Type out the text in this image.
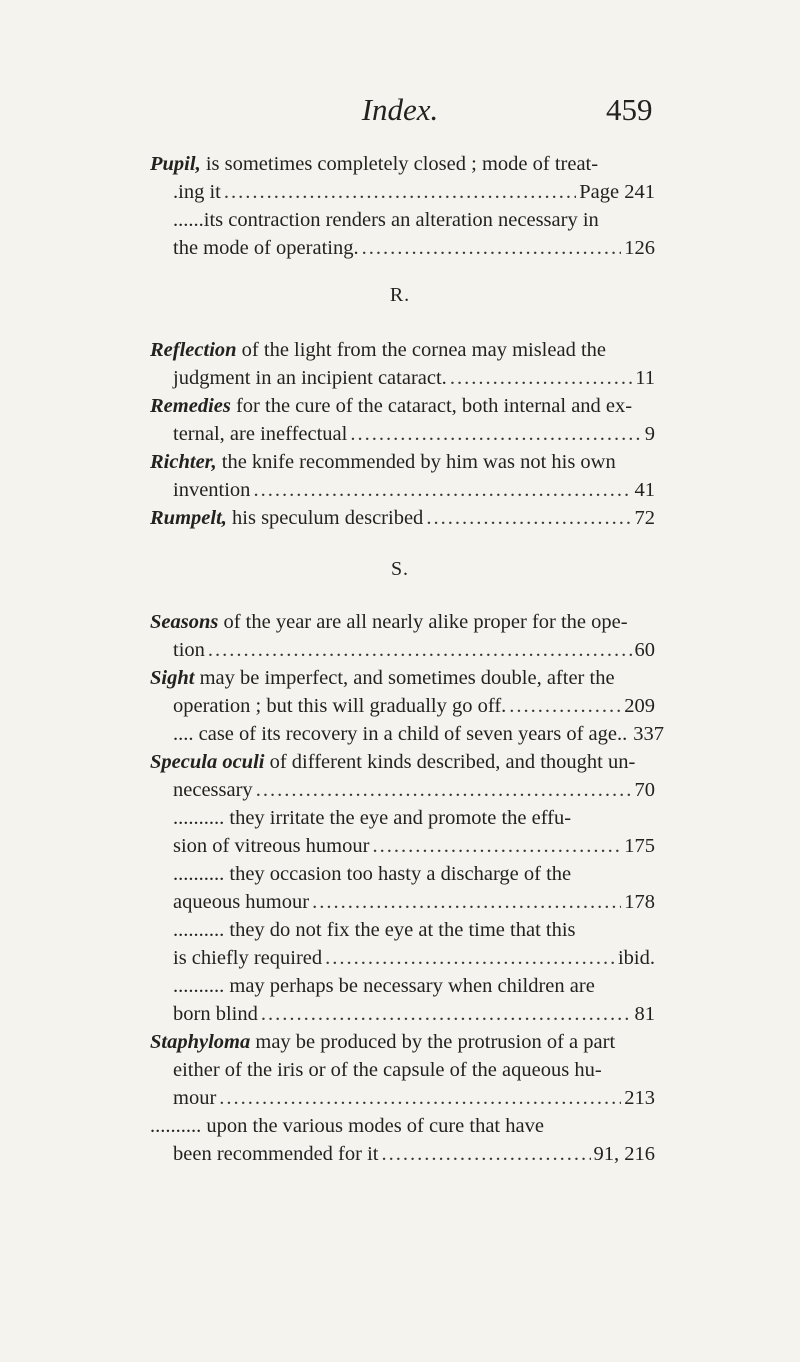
Index.	459
Pupil, is sometimes completely closed ; mode of treat-
.ing it .....	Page 241
......its contraction renders an alteration necessary in
the mode of operating. .....	126
R.
Reflection of the light from the cornea may mislead the
judgment in an incipient cataract. .....	11
Remedies for the cure of the cataract, both internal and ex-
ternal, are ineffectual .....	9
Richter, the knife recommended by him was not his own
invention .....	41
Rumpelt, his speculum described .....	72
S.
Seasons of the year are all nearly alike proper for the ope-
tion .....	60
Sight may be imperfect, and sometimes double, after the
operation ; but this will gradually go off. .....	209
.... case of its recovery in a child of seven years of age.. 337
Specula oculi of different kinds described, and thought un-
necessary .....	70
.......... they irritate the eye and promote the effu-
sion of vitreous humour .....	175
.......... they occasion too hasty a discharge of the
aqueous humour .....	178
.......... they do not fix the eye at the time that this
is chiefly required .....	ibid.
.......... may perhaps be necessary when children are
born blind .....	81
Staphyloma may be produced by the protrusion of a part
either of the iris or of the capsule of the aqueous hu-
mour .....	213
.......... upon the various modes of cure that have
been recommended for it .....	91, 216
